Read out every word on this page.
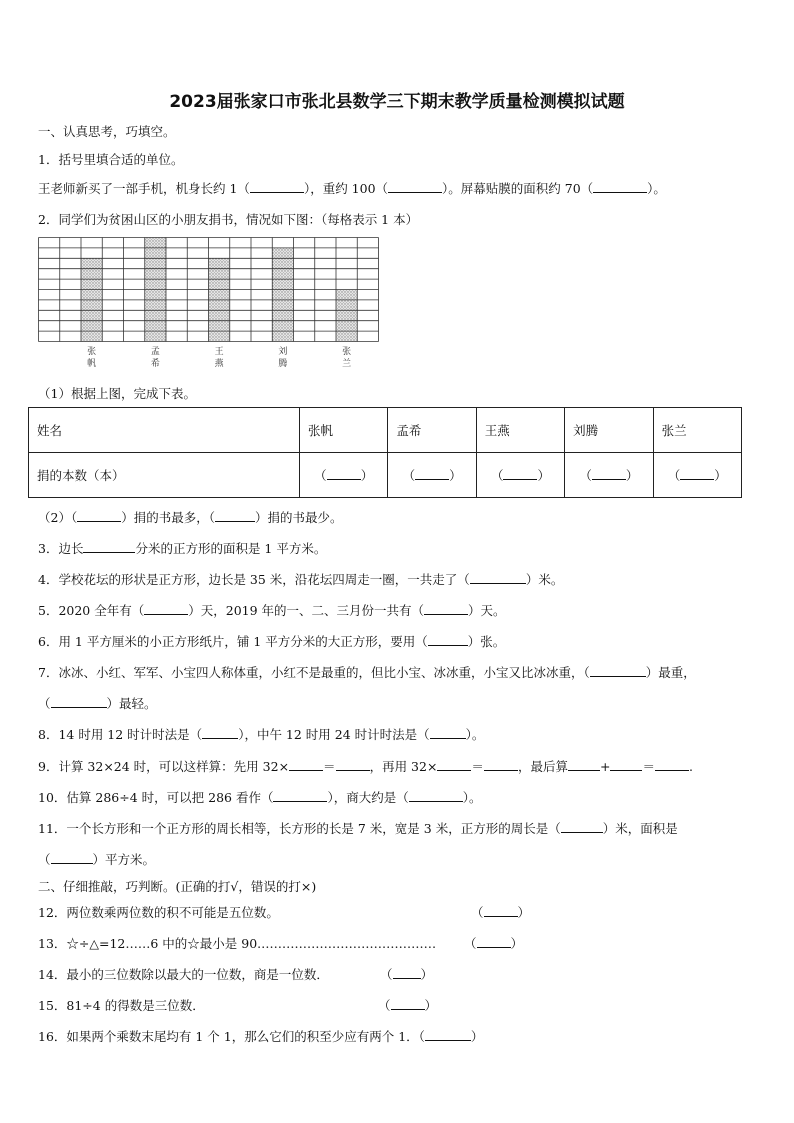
2023届张家口市张北县数学三下期末教学质量检测模拟试题
一、认真思考，巧填空。
1．括号里填合适的单位。
王老师新买了一部手机，机身长约 1（	），重约 100（	）。屏幕贴膜的面积约 70（	）。
2．同学们为贫困山区的小朋友捐书，情况如下图：（每格表示 1 本）
张
帆
孟
希
王
燕
刘
腾
张
兰
（1）根据上图，完成下表。
姓名	张帆	孟希	王燕	刘腾	张兰
捐的本数（本）	（ ）	（ ）	（ ）	（ ）	（ ）
（2）（	）捐的书最多，（	）捐的书最少。
3．边长	分米的正方形的面积是 1 平方米。
4．学校花坛的形状是正方形，边长是 35 米，沿花坛四周走一圈，一共走了（	）米。
5．2020 全年有（	）天，2019 年的一、二、三月份一共有（	）天。
6．用 1 平方厘米的小正方形纸片，铺 1 平方分米的大正方形，要用（	）张。
7．冰冰、小红、军军、小宝四人称体重，小红不是最重的，但比小宝、冰冰重，小宝又比冰冰重，（	）最重，
（	）最轻。
8．14 时用 12 时计时法是（	），中午 12 时用 24 时计时法是（	）。
9．计算 32×24 时，可以这样算：先用 32×	＝	，再用 32×	＝	，最后算	+	＝	.
10．估算 286÷4 时，可以把 286 看作（	），商大约是（	）。
11．一个长方形和一个正方形的周长相等，长方形的长是 7 米，宽是 3 米，正方形的周长是（	）米，面积是
（	）平方米。
二、仔细推敲，巧判断。(正确的打√，错误的打×)
12．两位数乘两位数的积不可能是五位数。	（	）
13．☆÷△=12……6 中的☆最小是 90.…………………………………… （	）
14．最小的三位数除以最大的一位数，商是一位数．	（ ）
15．81÷4 的得数是三位数．	（	）
16．如果两个乘数末尾均有 1 个 1，那么它们的积至少应有两个 1．（	）
